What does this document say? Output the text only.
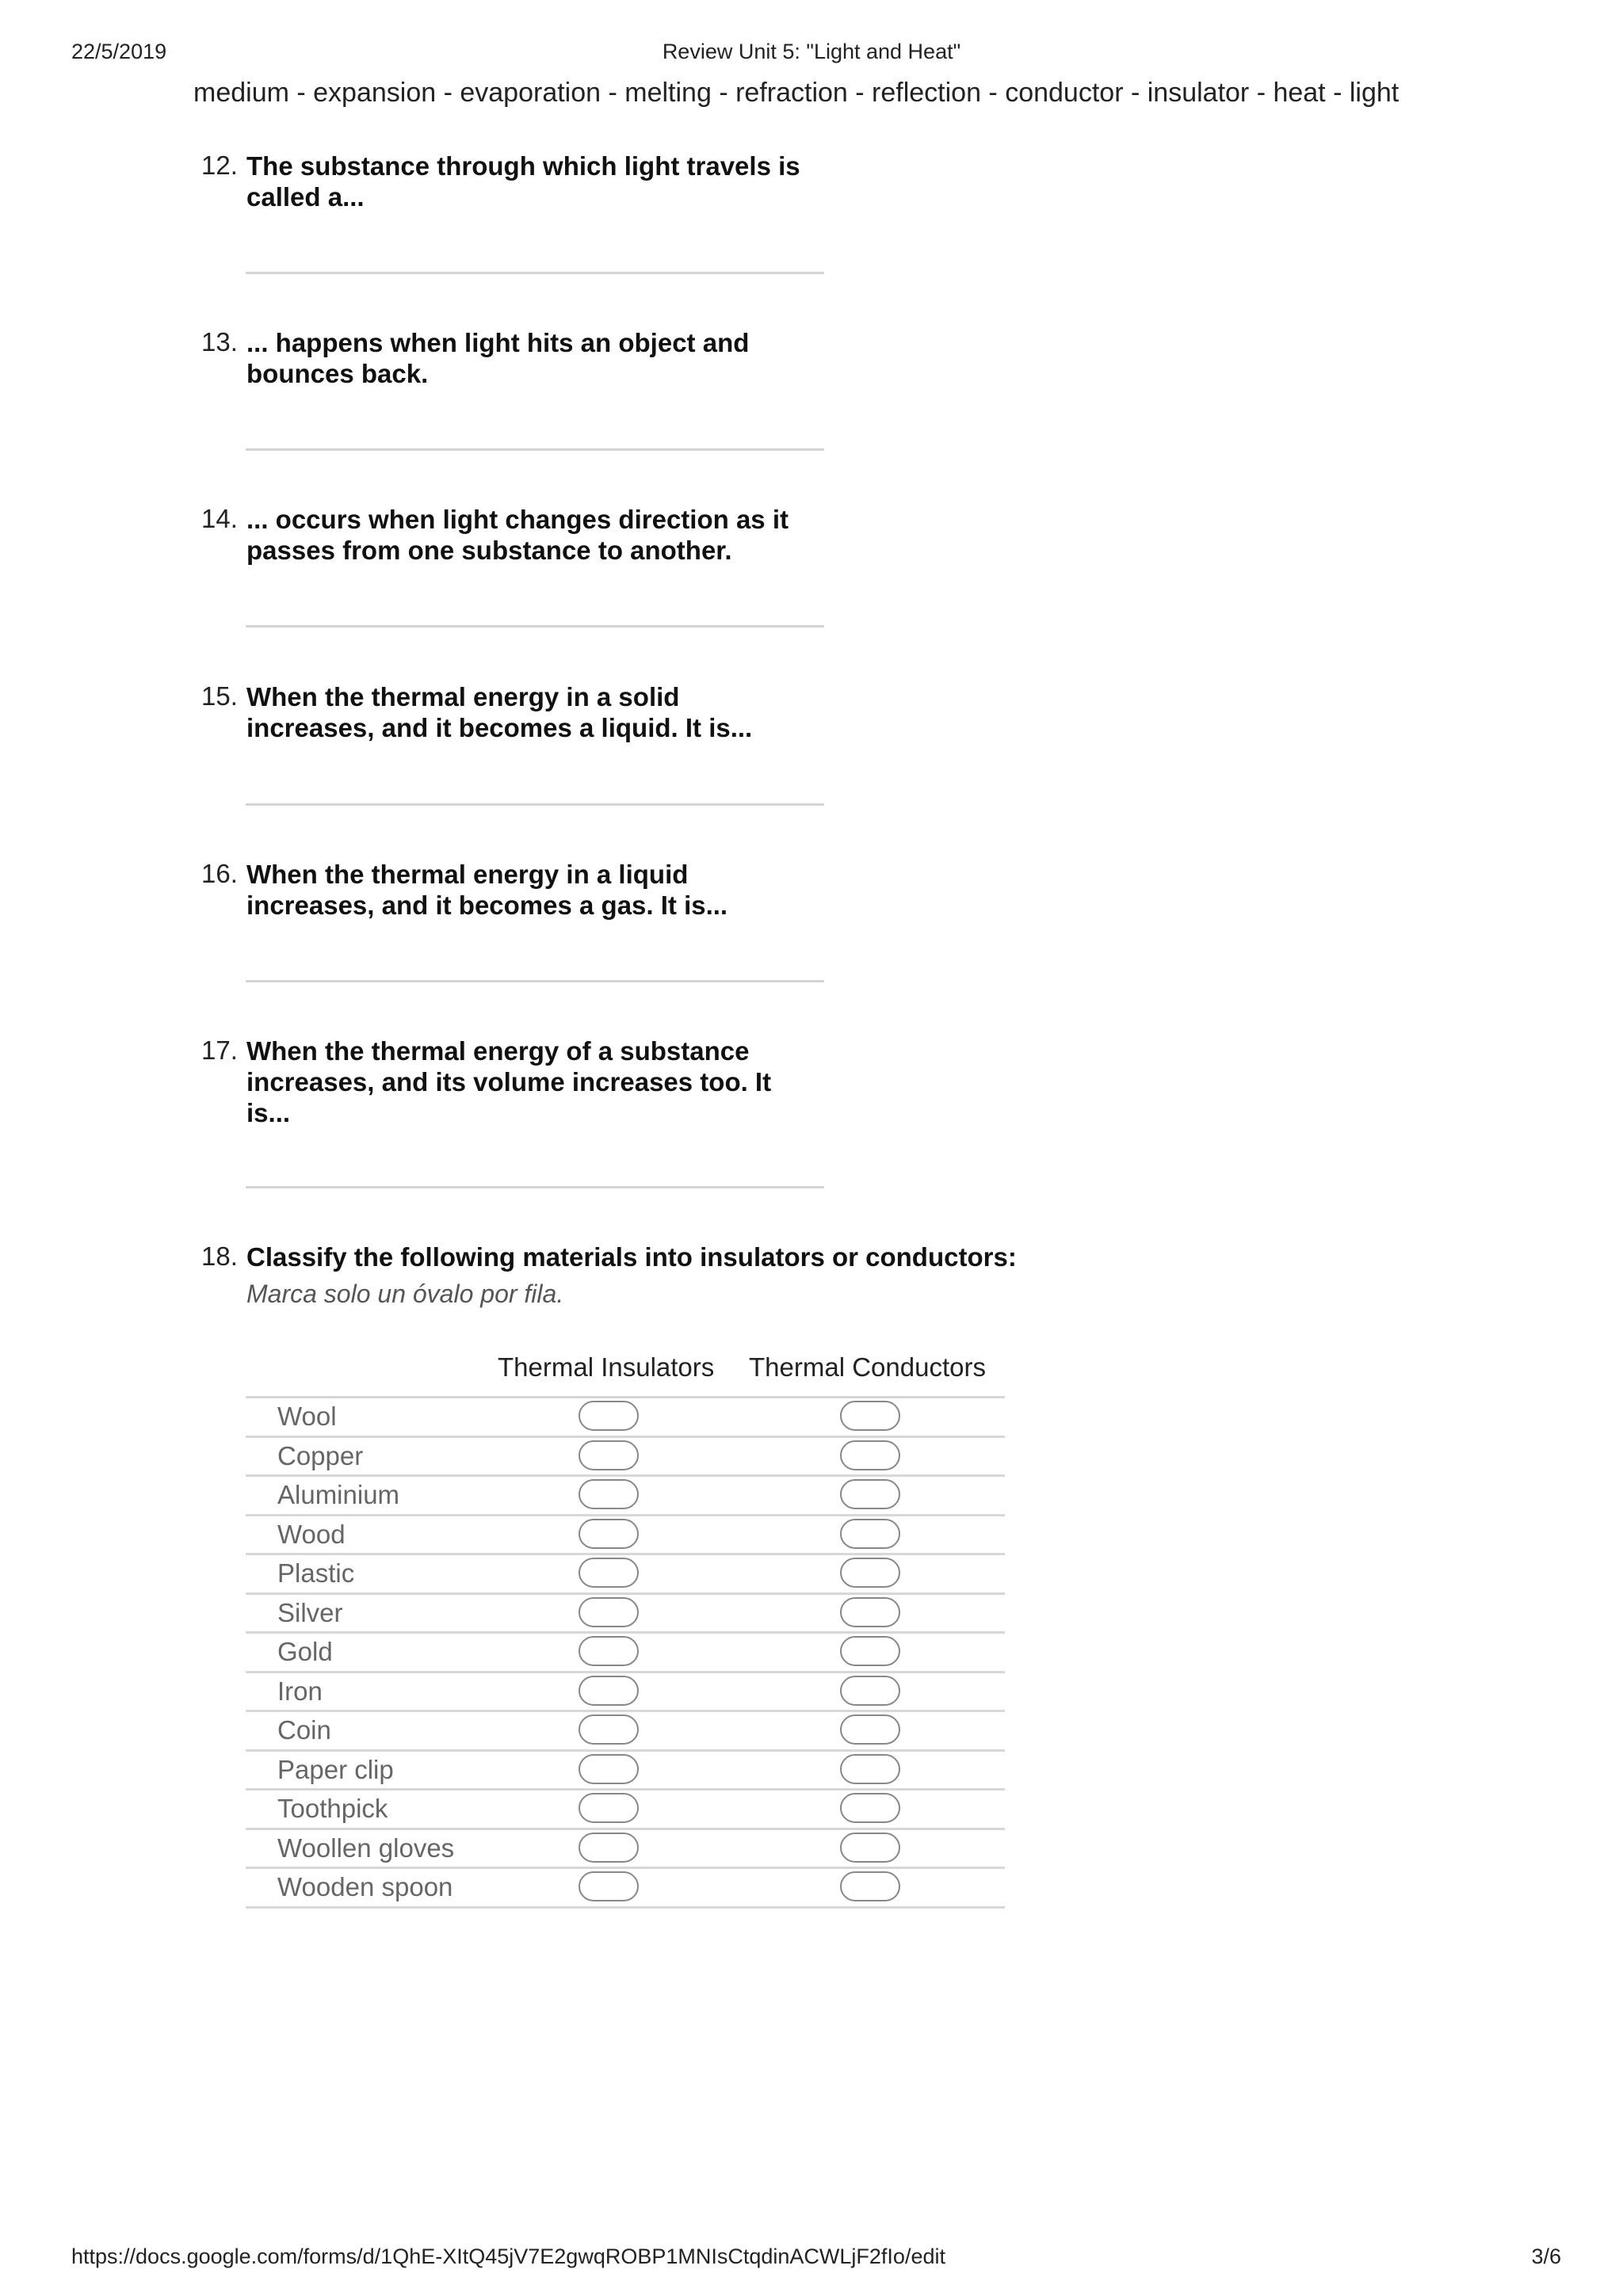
22/5/2019	Review Unit 5: "Light and Heat"
medium - expansion - evaporation - melting - refraction - reflection - conductor - insulator - heat - light
12. The substance through which light travels is called a...
13. ... happens when light hits an object and bounces back.
14. ... occurs when light changes direction as it passes from one substance to another.
15. When the thermal energy in a solid increases, and it becomes a liquid. It is...
16. When the thermal energy in a liquid increases, and it becomes a gas. It is...
17. When the thermal energy of a substance increases, and its volume increases too. It is...
18. Classify the following materials into insulators or conductors:
Marca solo un óvalo por fila.
Thermal Insulators Thermal Conductors
Wool
Copper
Aluminium
Wood
Plastic
Silver
Gold
Iron
Coin
Paper clip
Toothpick
Woollen gloves
Wooden spoon
https://docs.google.com/forms/d/1QhE-XItQ45jV7E2gwqROBP1MNIsCtqdinACWLjF2fIo/edit	3/6
